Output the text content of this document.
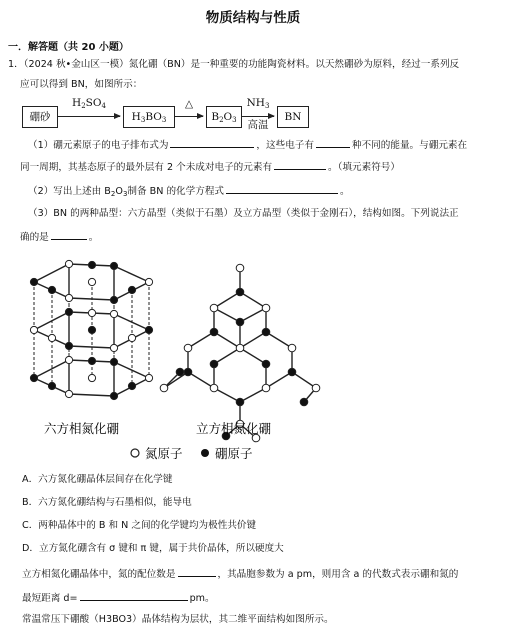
物质结构与性质
一．解答题（共 20 小题）
1．（2024 秋•金山区一模）氮化硼（BN）是一种重要的功能陶瓷材料。以天然硼砂为原料，经过一系列反
应可以得到 BN，如图所示：
硼砂
$H_2SO_4$
$H_3BO_3$
△
$B_2O_3$
$NH_3$
高温
BN
（1）硼元素原子的电子排布式为	，这些电子有	种不同的能量。与硼元素在
同一周期，其基态原子的最外层有 2 个未成对电子的元素有	。（填元素符号）
（2）写出上述由 $B_2O_3$制备 BN 的化学方程式	。
（3）BN 的两种晶型：六方晶型（类似于石墨）及立方晶型（类似于金刚石），结构如图。下列说法正
确的是	。
六方相氮化硼	立方相氮化硼
氮原子	硼原子
A．六方氮化硼晶体层间存在化学键
B．六方氮化硼结构与石墨相似，能导电
C．两种晶体中的 B 和 N 之间的化学键均为极性共价键
D．立方氮化硼含有 σ 键和 π 键，属于共价晶体，所以硬度大
立方相氮化硼晶体中，氮的配位数是	，其晶胞参数为 a pm，则用含 a 的代数式表示硼和氮的
最短距离 d=	pm。
常温常压下硼酸（H3BO3）晶体结构为层状，其二维平面结构如图所示。
